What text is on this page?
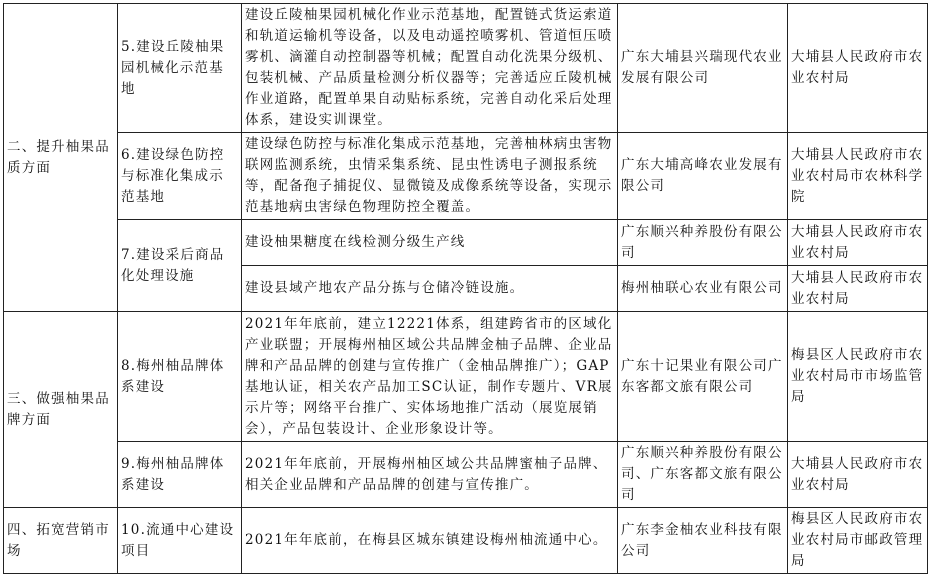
二、提升柚果品质方面	5.建设丘陵柚果园机械化示范基地	建设丘陵柚果园机械化作业示范基地，配置链式货运索道和轨道运输机等设备，以及电动遥控喷雾机、管道恒压喷雾机、滴灌自动控制器等机械；配置自动化洗果分级机、包装机械、产品质量检测分析仪器等；完善适应丘陵机械作业道路，配置单果自动贴标系统，完善自动化采后处理体系，建设实训课堂。	广东大埔县兴瑞现代农业发展有限公司	大埔县人民政府市农业农村局
	6.建设绿色防控与标准化集成示范基地	建设绿色防控与标准化集成示范基地，完善柚林病虫害物联网监测系统，虫情采集系统、昆虫性诱电子测报系统等，配备孢子捕捉仪、显微镜及成像系统等设备，实现示范基地病虫害绿色物理防控全覆盖。	广东大埔高峰农业发展有限公司	大埔县人民政府市农业农村局市农林科学院
	7.建设采后商品化处理设施	建设柚果糖度在线检测分级生产线	广东顺兴种养股份有限公司	大埔县人民政府市农业农村局
		建设县域产地农产品分拣与仓储冷链设施。	梅州柚联心农业有限公司	大埔县人民政府市农业农村局
三、做强柚果品牌方面	8.梅州柚品牌体系建设	2021年年底前，建立12221体系，组建跨省市的区域化产业联盟；开展梅州柚区域公共品牌金柚子品牌、企业品牌和产品品牌的创建与宣传推广（金柚品牌推广）；GAP基地认证，相关农产品加工SC认证，制作专题片、VR展示片等；网络平台推广、实体场地推广活动（展览展销会），产品包装设计、企业形象设计等。	广东十记果业有限公司广东客都文旅有限公司	梅县区人民政府市农业农村局市市场监管局
	9.梅州柚品牌体系建设	2021年年底前，开展梅州柚区域公共品牌蜜柚子品牌、相关企业品牌和产品品牌的创建与宣传推广。	广东顺兴种养股份有限公司、广东客都文旅有限公司	大埔县人民政府市农业农村局
四、拓宽营销市场	10.流通中心建设项目	2021年年底前，在梅县区城东镇建设梅州柚流通中心。	广东李金柚农业科技有限公司	梅县区人民政府市农业农村局市邮政管理局
